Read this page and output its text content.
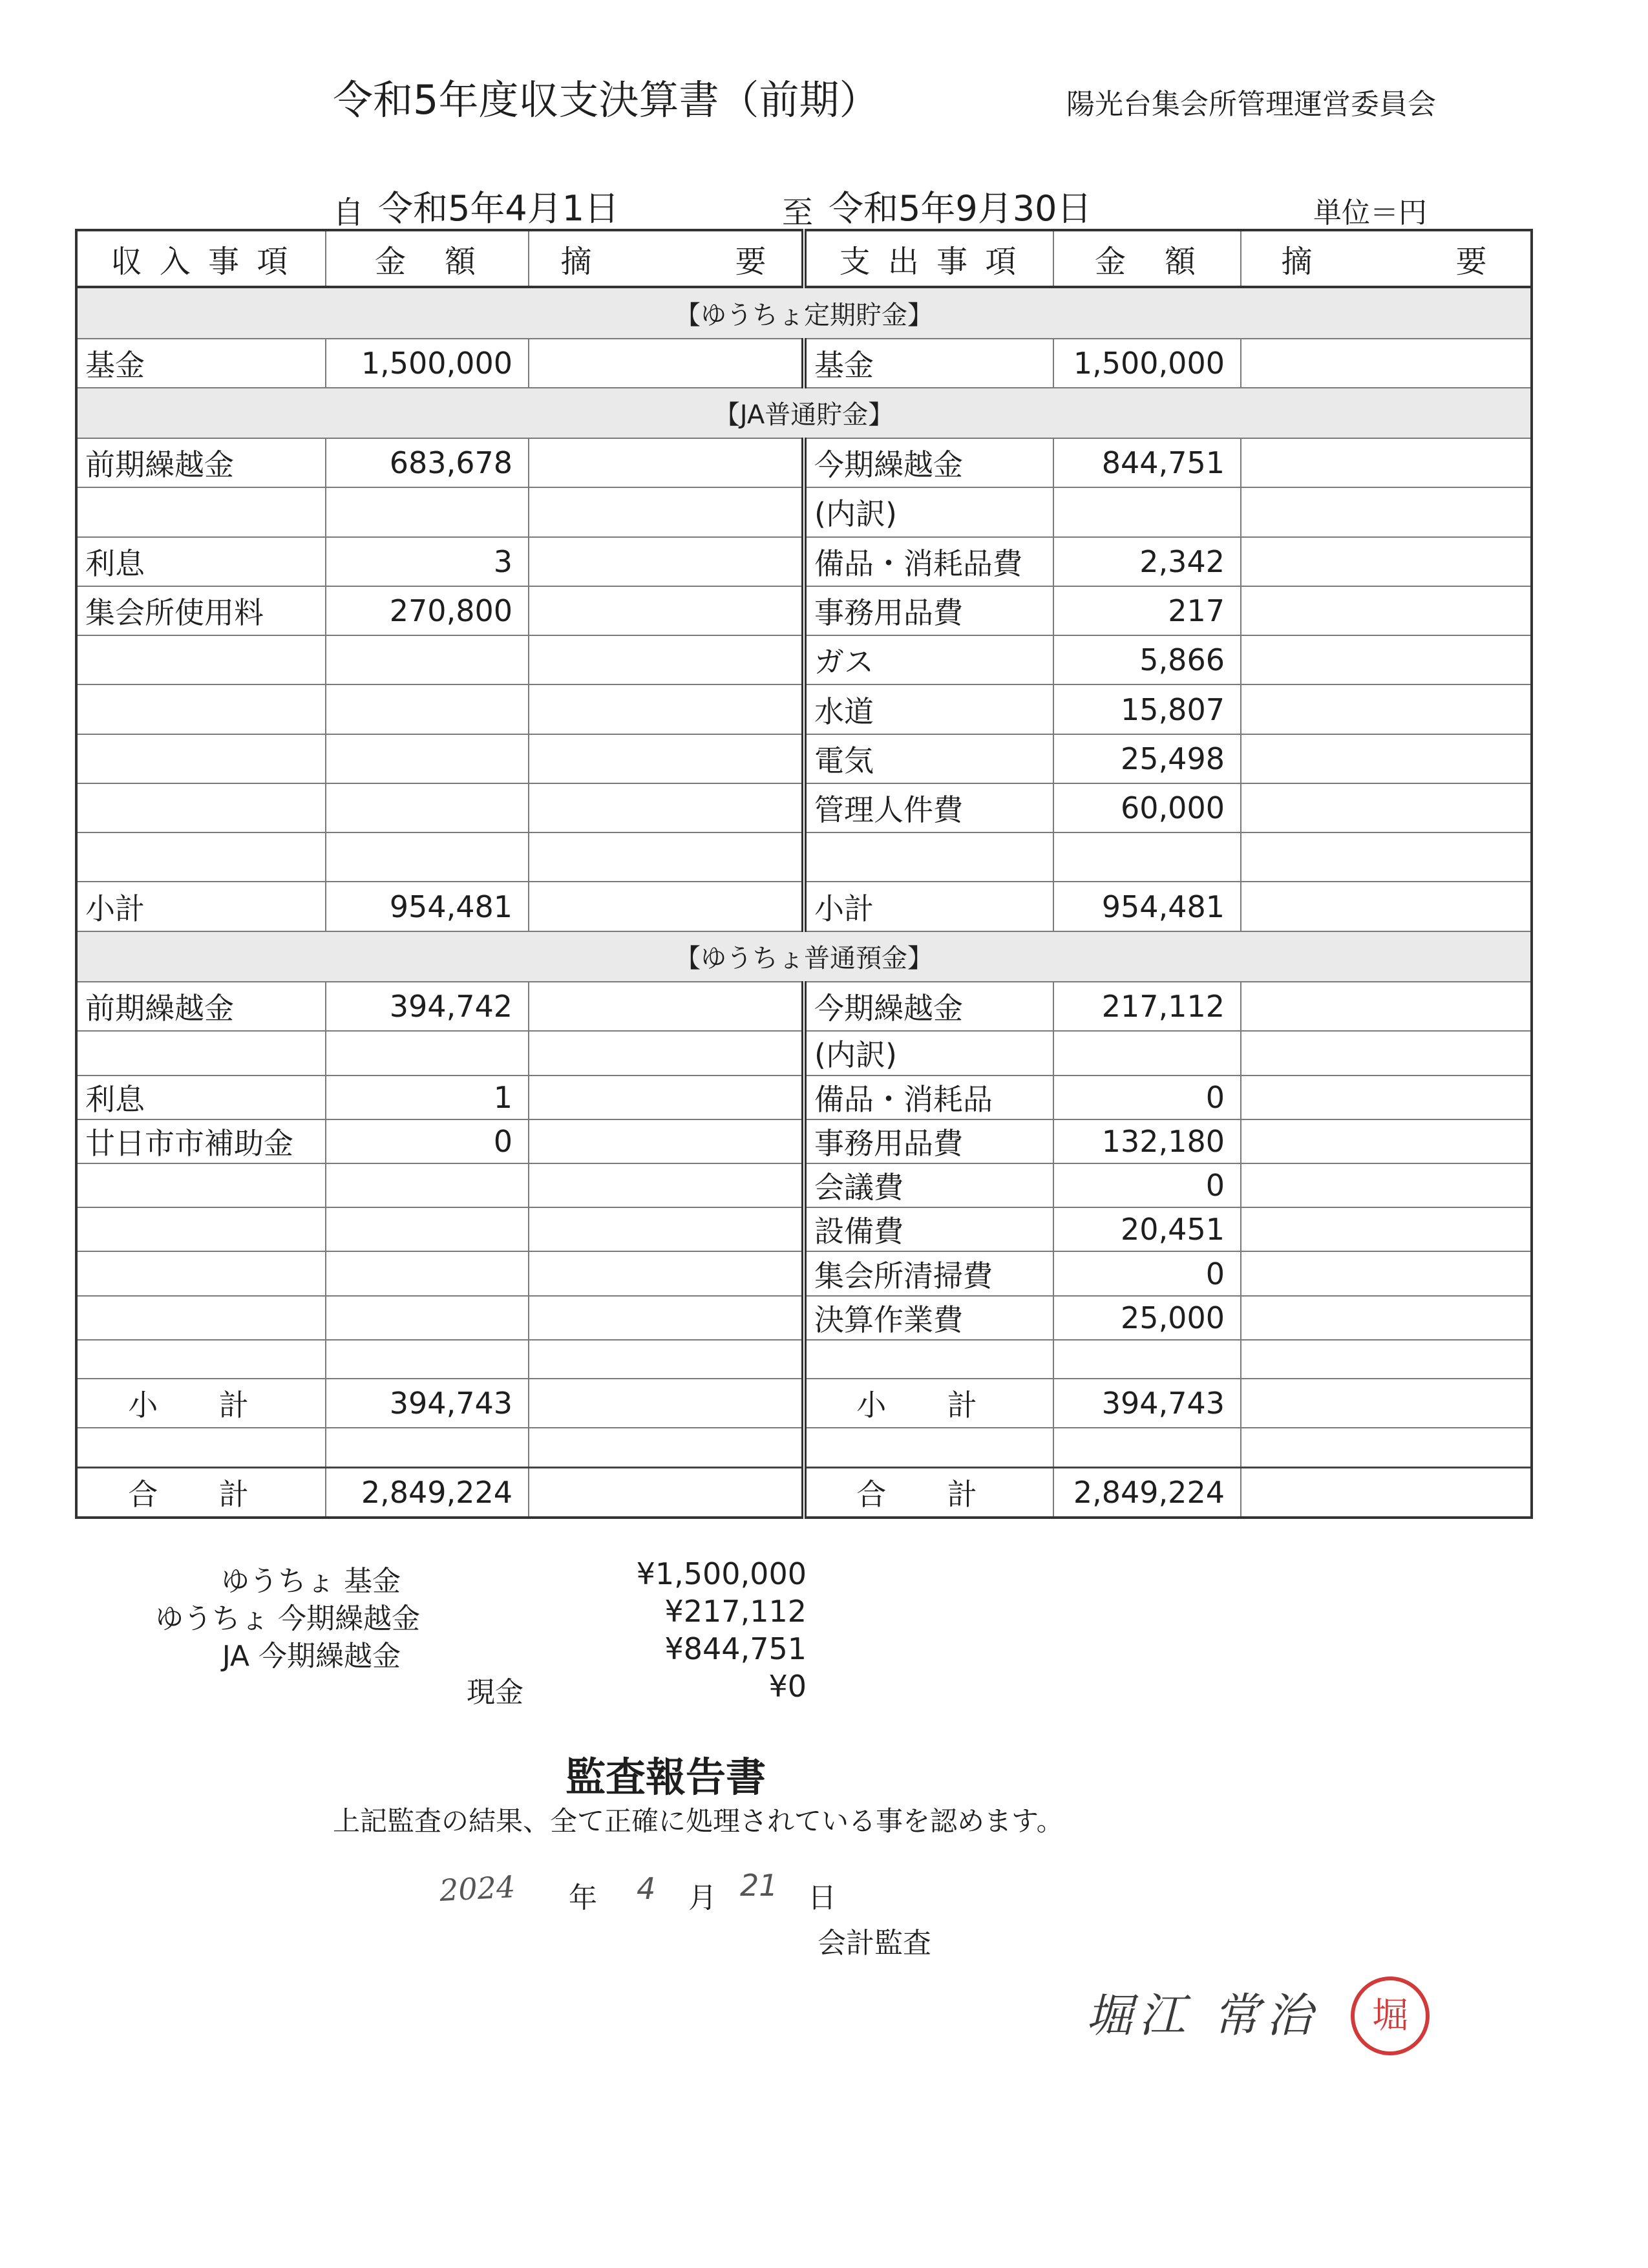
令和5年度収支決算書（前期）	陽光台集会所管理運営委員会
自 令和5年4月1日	至 令和5年9月30日	単位＝円
収 入 事 項	金　額	摘　　　　要	支 出 事 項	金　額	摘　　　　要
【ゆうちょ定期貯金】					
基金	1,500,000		基金	1,500,000	
【JA普通貯金】					
前期繰越金	683,678		今期繰越金	844,751	
			(内訳)		
利息	3		備品・消耗品費	2,342	
集会所使用料	270,800		事務用品費	217	
			ガス	5,866	
			水道	15,807	
			電気	25,498	
			管理人件費	60,000	

小計	954,481		小計	954,481	
【ゆうちょ普通預金】					
前期繰越金	394,742		今期繰越金	217,112	
			(内訳)		
利息	1		備品・消耗品	0	
廿日市市補助金	0		事務用品費	132,180	
			会議費	0	
			設備費	20,451	
			集会所清掃費	0	
			決算作業費	25,000	

小 計	394,743		小 計	394,743	

合 計	2,849,224		合 計	2,849,224	
ゆうちょ 基金	¥1,500,000
ゆうちょ 今期繰越金	¥217,112
JA 今期繰越金	¥844,751
現金	¥0
監査報告書
上記監査の結果、全て正確に処理されている事を認めます。
2024 年 4 月 21 日
会計監査
堀江 常治	堀
